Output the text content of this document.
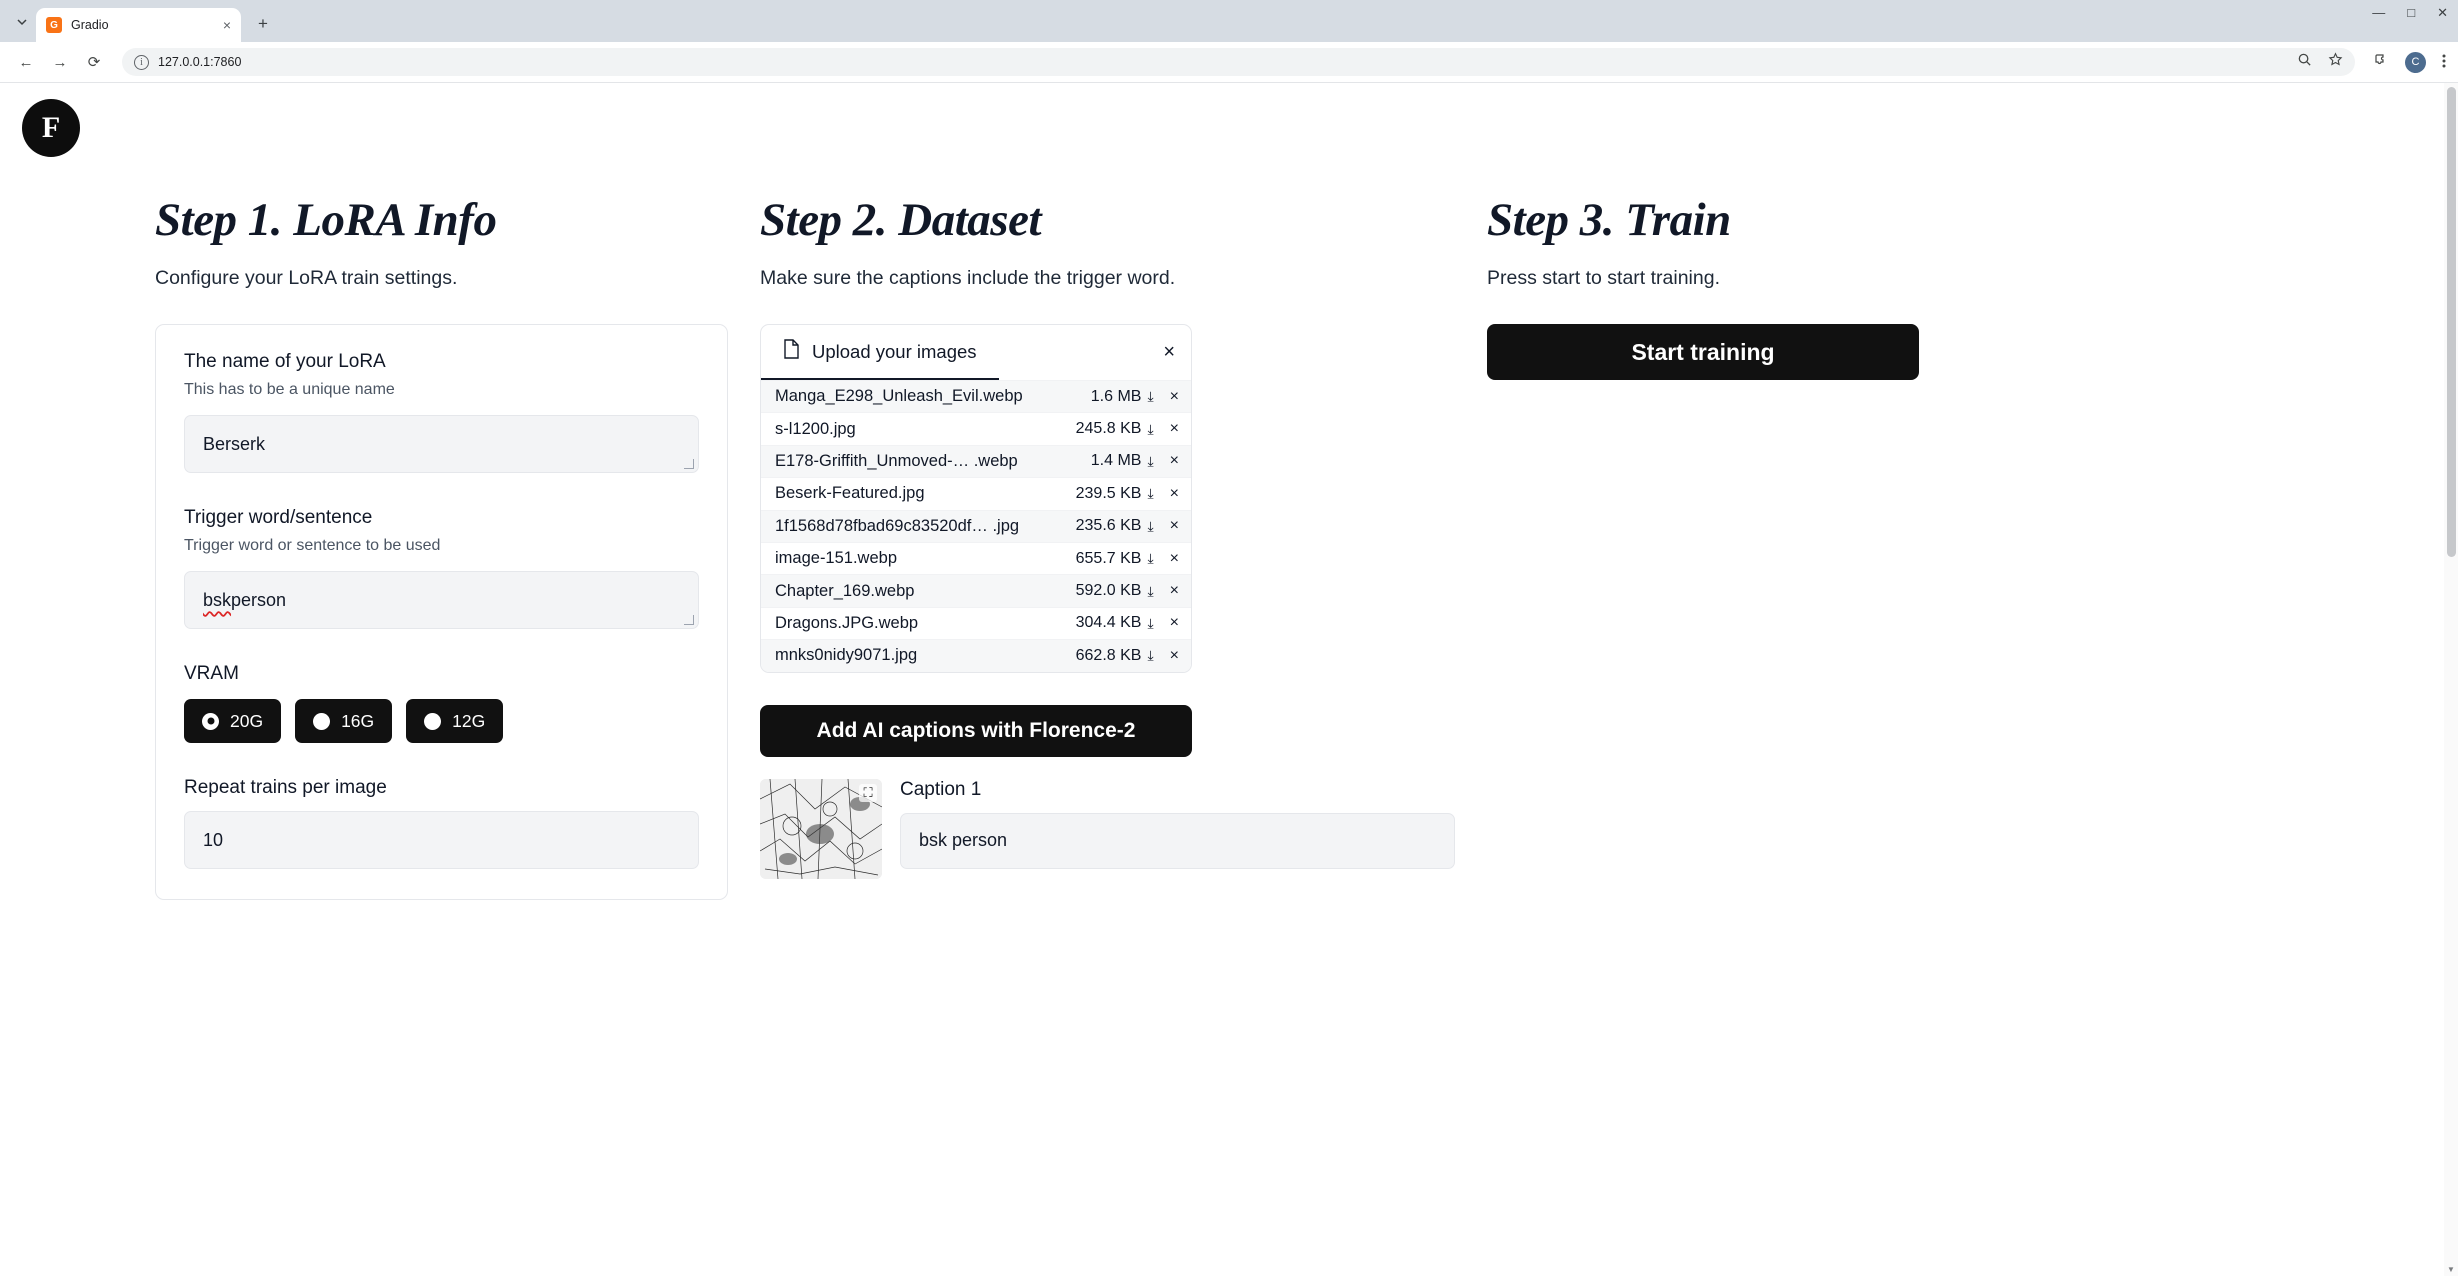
G	Gradio	×	+
— □ ✕
←	→	⟳	i	127.0.0.1:7860	C
F
Step 1. LoRA Info

Configure your LoRA train settings.

The name of your LoRA
This has to be a unique name
Berserk
Trigger word/sentence
Trigger word or sentence to be used
bsk person
VRAM
20G	16G	12G
Repeat trains per image
10
Step 2. Dataset

Make sure the captions include the trigger word.

Upload your images	×
Manga_E298_Unleash_Evil.webp	1.6 MB ⤓ ×
s-l1200.jpg	245.8 KB ⤓ ×
E178-Griffith_Unmoved-… .webp	1.4 MB ⤓ ×
Beserk-Featured.jpg	239.5 KB ⤓ ×
1f1568d78fbad69c83520df… .jpg	235.6 KB ⤓ ×
image-151.webp	655.7 KB ⤓ ×
Chapter_169.webp	592.0 KB ⤓ ×
Dragons.JPG.webp	304.4 KB ⤓ ×
mnks0nidy9071.jpg	662.8 KB ⤓ ×
Add AI captions with Florence-2
⛶ Caption 1
bsk person
Step 3. Train

Press start to start training.

Start training
▼
